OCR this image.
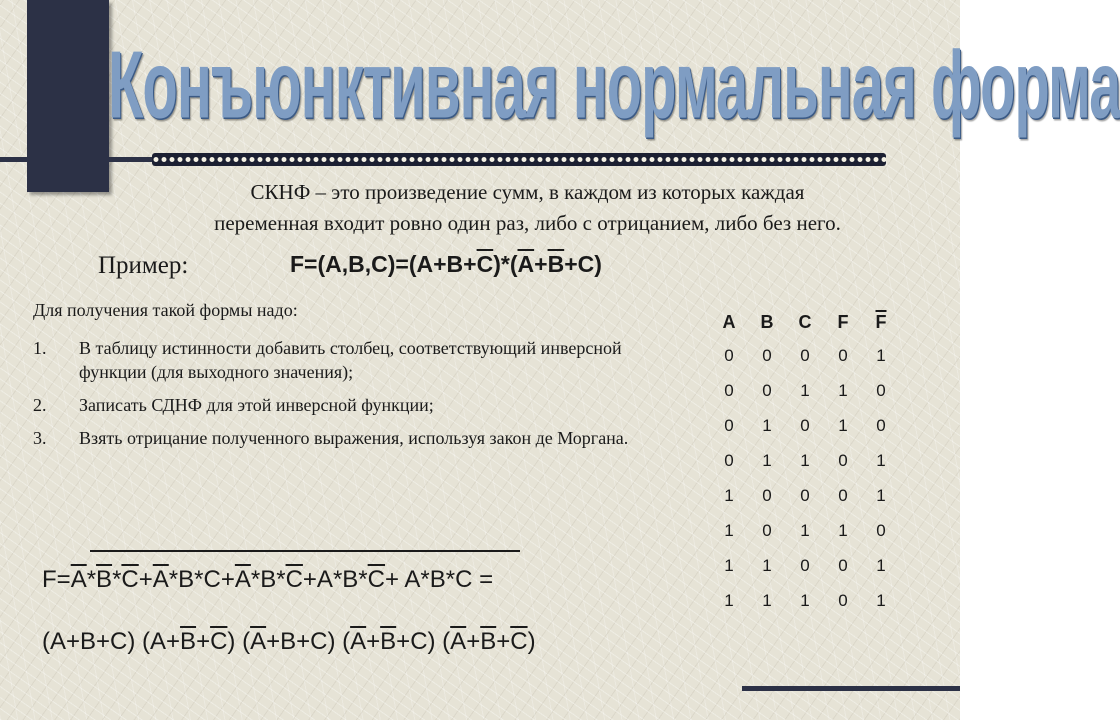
Конъюнктивная нормальная форма
СКНФ – это произведение сумм, в каждом из которых каждая
переменная входит ровно один раз, либо с отрицанием, либо без него.
Пример:	$F=(A,B,C)=(A+B+\overline{C})*(\overline{A}+\overline{B}+C)$
Для получения такой формы надо:
1. В таблицу истинности добавить столбец, соответствующий инверсной функции (для выходного значения);
2. Записать СДНФ для этой инверсной функции;
3. Взять отрицание полученного выражения, используя закон де Моргана.
$F=\overline{A}*\overline{B}*\overline{C}+\overline{A}*B*C+\overline{A}*B*\overline{C}+A*B*\overline{C}+ A*B*C$ =
(A+B+C) $(A+\overline{B}+\overline{C})$ $(\overline{A}+B+C)$ $(\overline{A}+\overline{B}+C)$ $(\overline{A}+\overline{B}+\overline{C})$
A	B	C	F	$\overline{F}$
0	0	0	0	1
0	0	1	1	0
0	1	0	1	0
0	1	1	0	1
1	0	0	0	1
1	0	1	1	0
1	1	0	0	1
1	1	1	0	1
